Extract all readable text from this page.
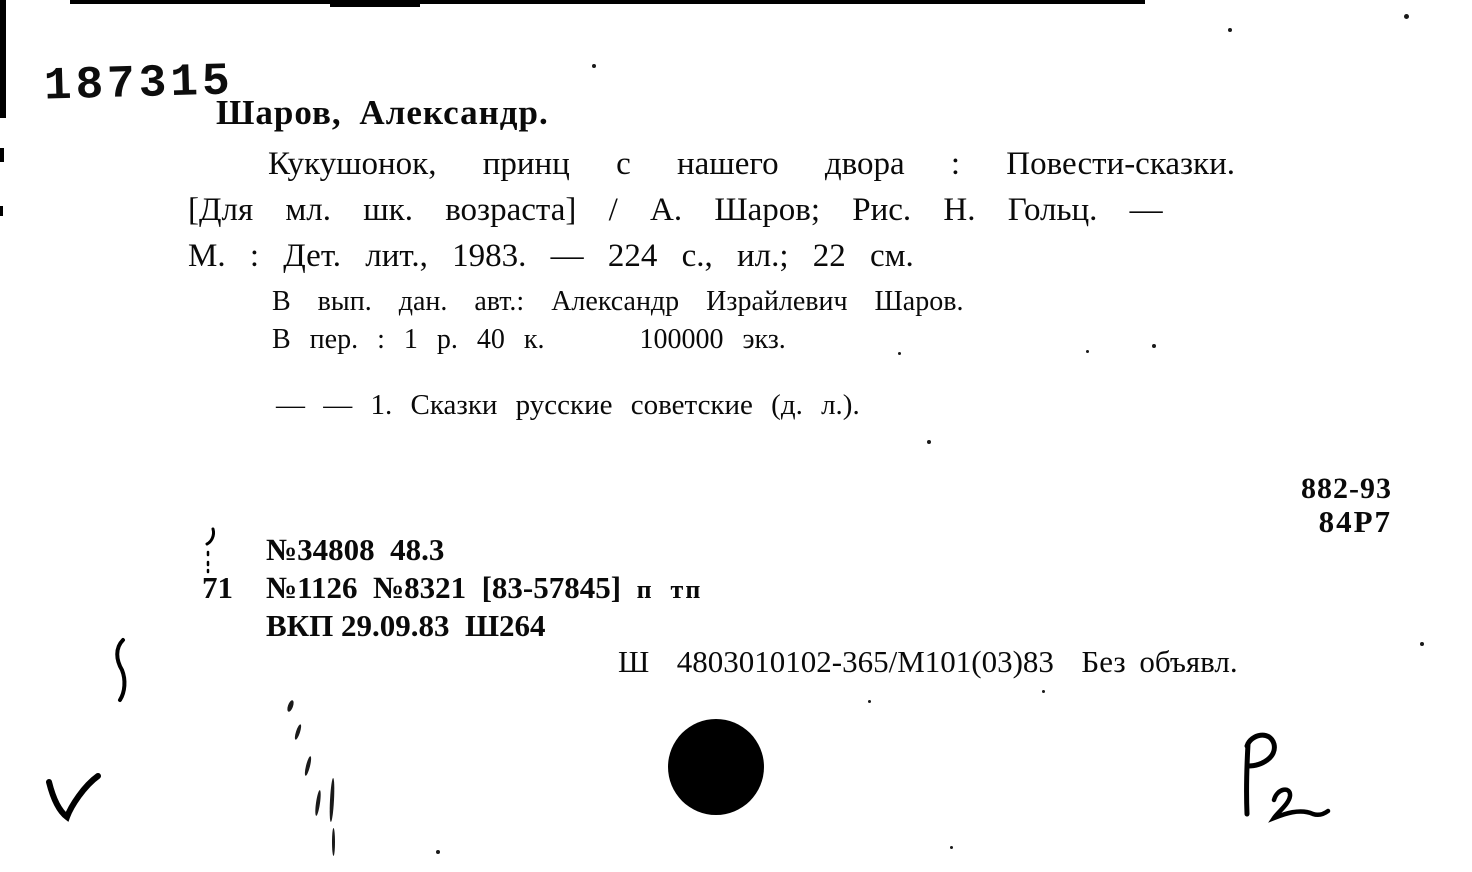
187315
Шаров, Александр.
Кукушонок, принц с нашего двора : Повести-сказки.
[Для мл. шк. возраста] / А. Шаров; Рис. Н. Гольц. —
М. : Дет. лит., 1983. — 224 с., ил.; 22 см.
В вып. дан. авт.: Александр Израйлевич Шаров.
В пер. : 1 р. 40 к.     100000 экз.
— — 1. Сказки русские советские (д. л.).
882-93
84Р7
№34808  48.3
71 №1126  №8321  [83-57845]  п  тп
ВКП 29.09.83  Ш264
Ш  4803010102-365/М101(03)83  Без объявл.
